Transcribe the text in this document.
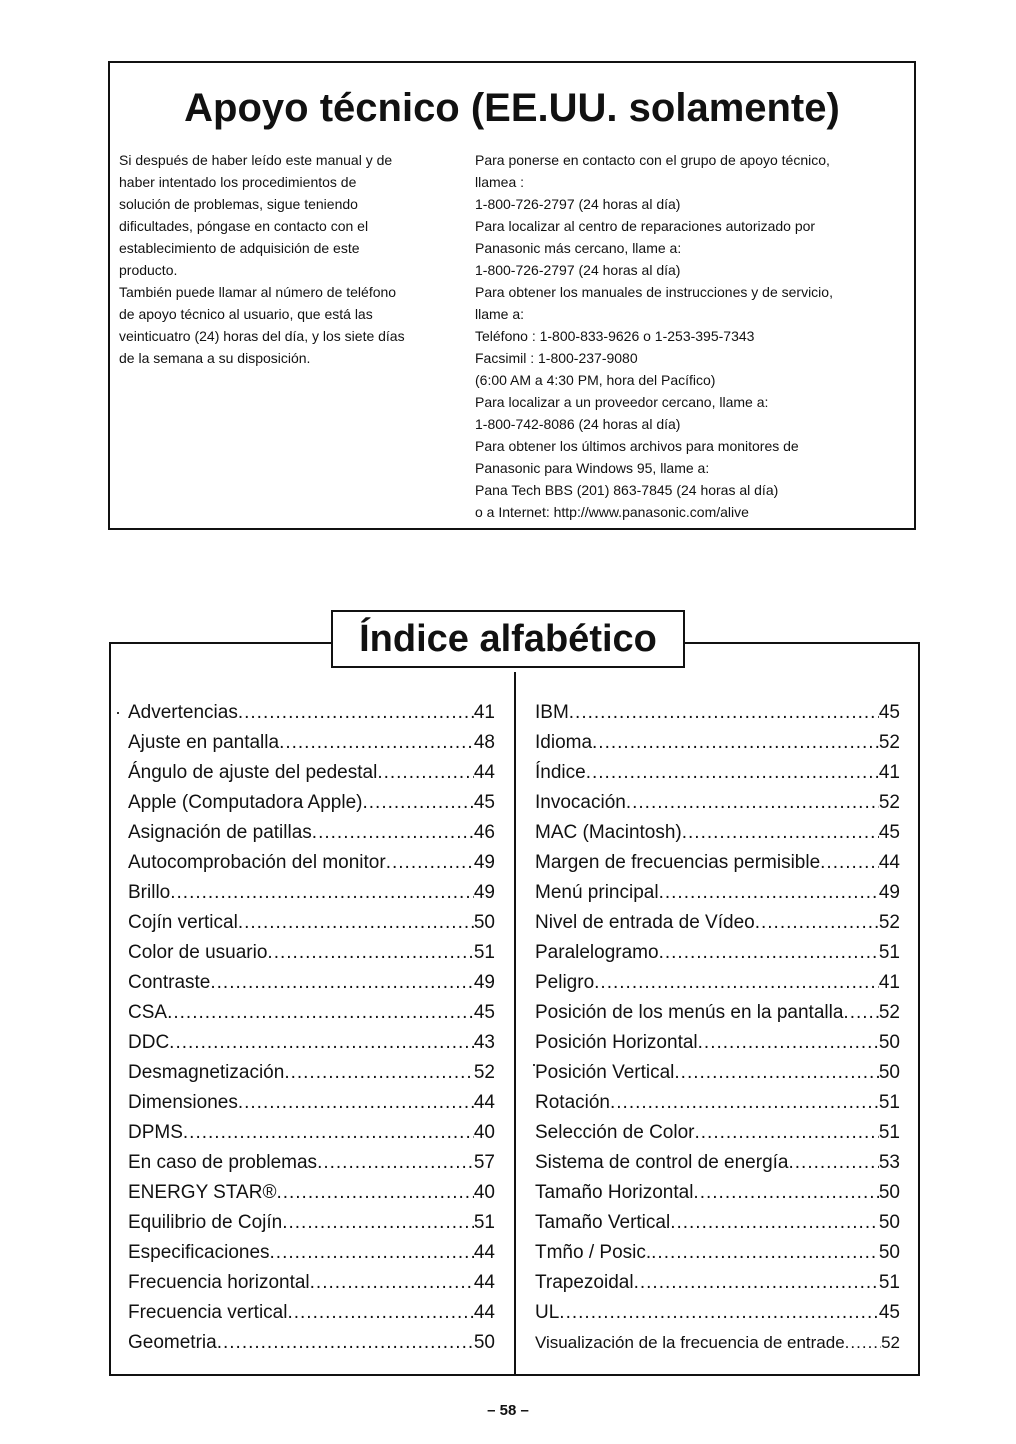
Apoyo técnico (EE.UU. solamente)

Si después de haber leído este manual y de

haber intentado los procedimientos de

solución de problemas, sigue teniendo

dificultades, póngase en contacto con el

establecimiento de adquisición de este

producto.

También puede llamar al número de teléfono

de apoyo técnico al usuario, que está las

veinticuatro (24) horas del día, y los siete días

de la semana a su disposición.

Para ponerse en contacto con el grupo de apoyo técnico,

llamea :

1-800-726-2797 (24 horas al día)

Para localizar al centro de reparaciones autorizado por

Panasonic más cercano, llame a:

1-800-726-2797 (24 horas al día)

Para obtener los manuales de instrucciones y de servicio,

llame a:

Teléfono : 1-800-833-9626 o 1-253-395-7343

Facsimil : 1-800-237-9080

(6:00 AM a 4:30 PM, hora del Pacífico)

Para localizar a un proveedor cercano, llame a:

1-800-742-8086 (24 horas al día)

Para obtener los últimos archivos para monitores de

Panasonic para Windows 95, llame a:

Pana Tech BBS (201) 863-7845 (24 horas al día)

o a Internet: http://www.panasonic.com/alive

Índice alfabético
Advertencias .....	41
Ajuste en pantalla .....	48
Ángulo de ajuste del pedestal .....	44
Apple (Computadora Apple) .....	45
Asignación de patillas .....	46
Autocomprobación del monitor .....	49
Brillo .....	49
Cojín vertical .....	50
Color de usuario .....	51
Contraste .....	49
CSA .....	45
DDC .....	43
Desmagnetización .....	52
Dimensiones .....	44
DPMS .....	40
En caso de problemas .....	57
ENERGY STAR® .....	40
Equilibrio de Cojín .....	51
Especificaciones .....	44
Frecuencia horizontal .....	44
Frecuencia vertical .....	44
Geometria .....	50
IBM .....	45
Idioma .....	52
Índice .....	41
Invocación .....	52
MAC (Macintosh) .....	45
Margen de frecuencias permisible .....	44
Menú principal .....	49
Nivel de entrada de Vídeo .....	52
Paralelogramo .....	51
Peligro .....	41
Posición de los menús en la pantalla ..... 52
Posición Horizontal .....	50
Posición Vertical .....	50
Rotación .....	51
Selección de Color .....	51
Sistema de control de energía .....	53
Tamaño Horizontal .....	50
Tamaño Vertical .....	50
Tmño / Posic. .....	50
Trapezoidal .....	51
UL .....	45
Visualización de la frecuencia de entrade ..... 52

– 58 –
